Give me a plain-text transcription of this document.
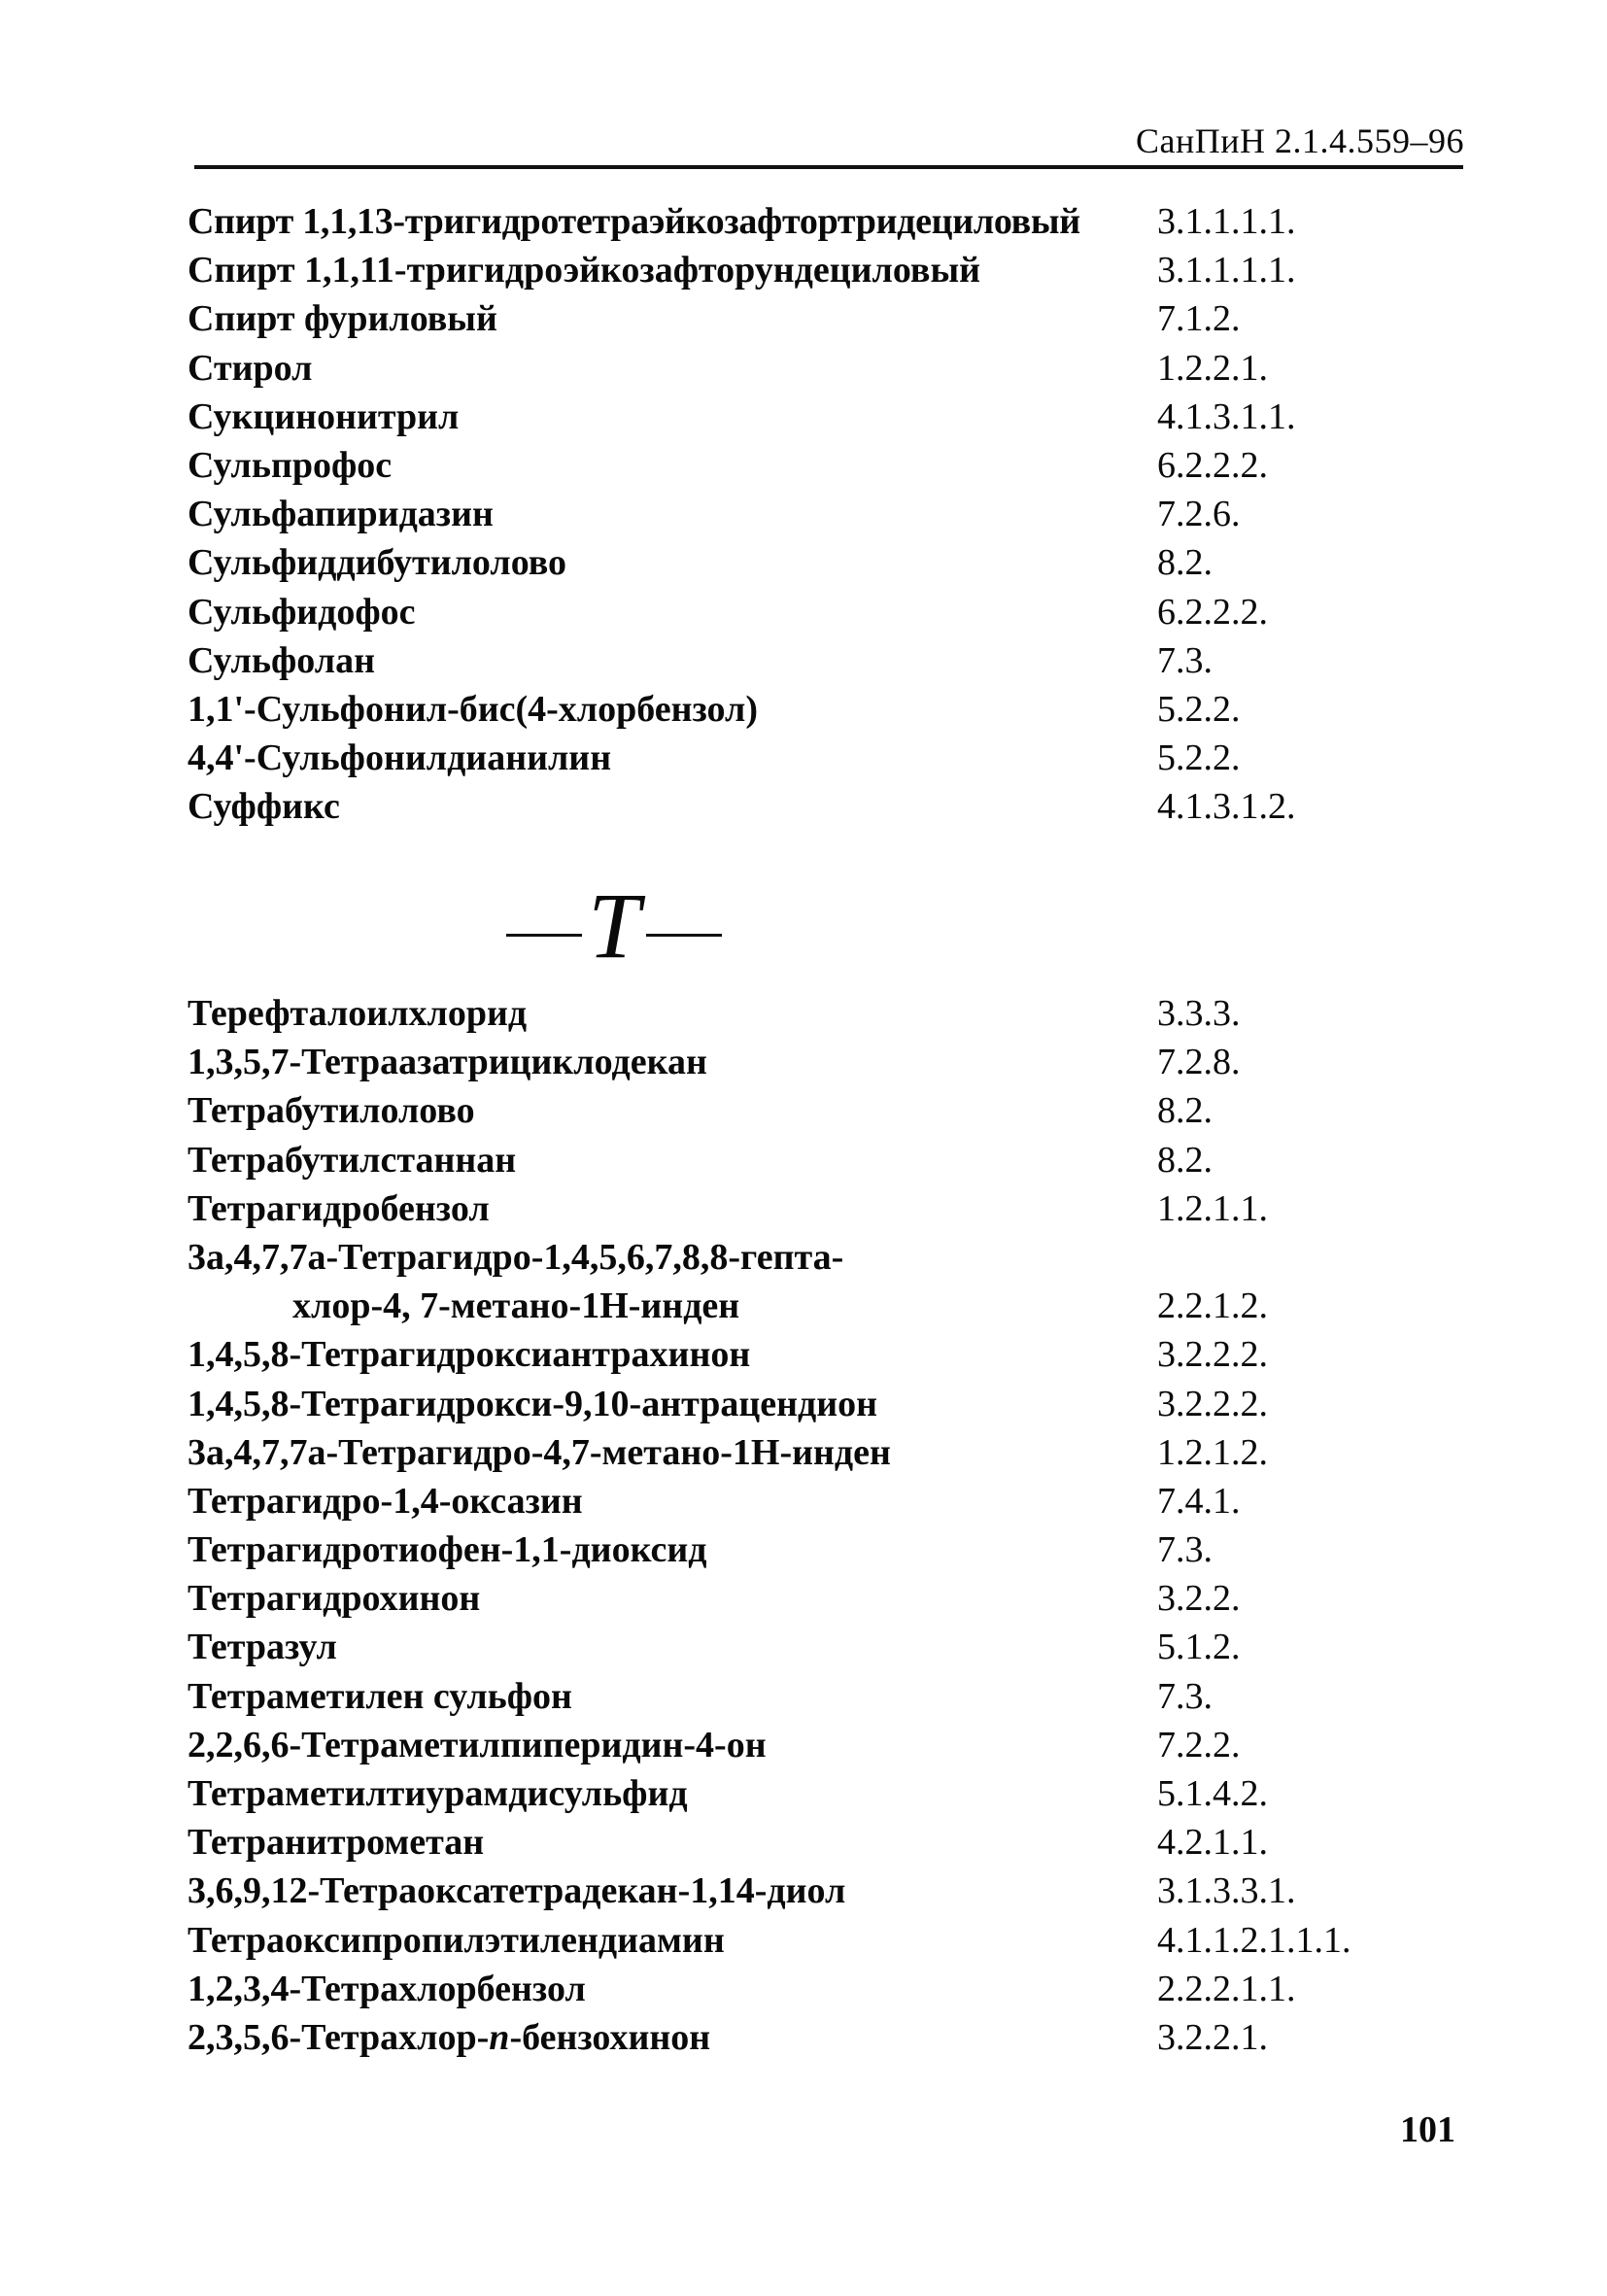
СанПиН 2.1.4.559–96
Спирт 1,1,13-тригидротетраэйкозафтортридециловый 3.1.1.1.1.
Спирт 1,1,11-тригидроэйкозафторундециловый	3.1.1.1.1.
Спирт фуриловый	7.1.2.
Стирол	1.2.2.1.
Сукцинонитрил	4.1.3.1.1.
Сульпрофос	6.2.2.2.
Сульфапиридазин	7.2.6.
Сульфиддибутилолово	8.2.
Сульфидофос	6.2.2.2.
Сульфолан	7.3.
1,1'-Сульфонил-бис(4-хлорбензол)	5.2.2.
4,4'-Сульфонилдианилин	5.2.2.
Суффикс	4.1.3.1.2.
Т
Терефталоилхлорид	3.3.3.
1,3,5,7-Тетраазатрициклодекан	7.2.8.
Тетрабутилолово	8.2.
Тетрабутилстаннан	8.2.
Тетрагидробензол	1.2.1.1.
3а,4,7,7а-Тетрагидро-1,4,5,6,7,8,8-гепта-
хлор-4, 7-метано-1Н-инден	2.2.1.2.
1,4,5,8-Тетрагидроксиантрахинон	3.2.2.2.
1,4,5,8-Тетрагидрокси-9,10-антрацендион	3.2.2.2.
3а,4,7,7а-Тетрагидро-4,7-метано-1Н-инден	1.2.1.2.
Тетрагидро-1,4-оксазин	7.4.1.
Тетрагидротиофен-1,1-диоксид	7.3.
Тетрагидрохинон	3.2.2.
Тетразул	5.1.2.
Тетраметилен сульфон	7.3.
2,2,6,6-Тетраметилпиперидин-4-он	7.2.2.
Тетраметилтиурамдисульфид	5.1.4.2.
Тетранитрометан	4.2.1.1.
3,6,9,12-Тетраоксатетрадекан-1,14-диол	3.1.3.3.1.
Тетраоксипропилэтилендиамин	4.1.1.2.1.1.1.
1,2,3,4-Тетрахлорбензол	2.2.2.1.1.
2,3,5,6-Тетрахлор-п-бензохинон	3.2.2.1.
101
